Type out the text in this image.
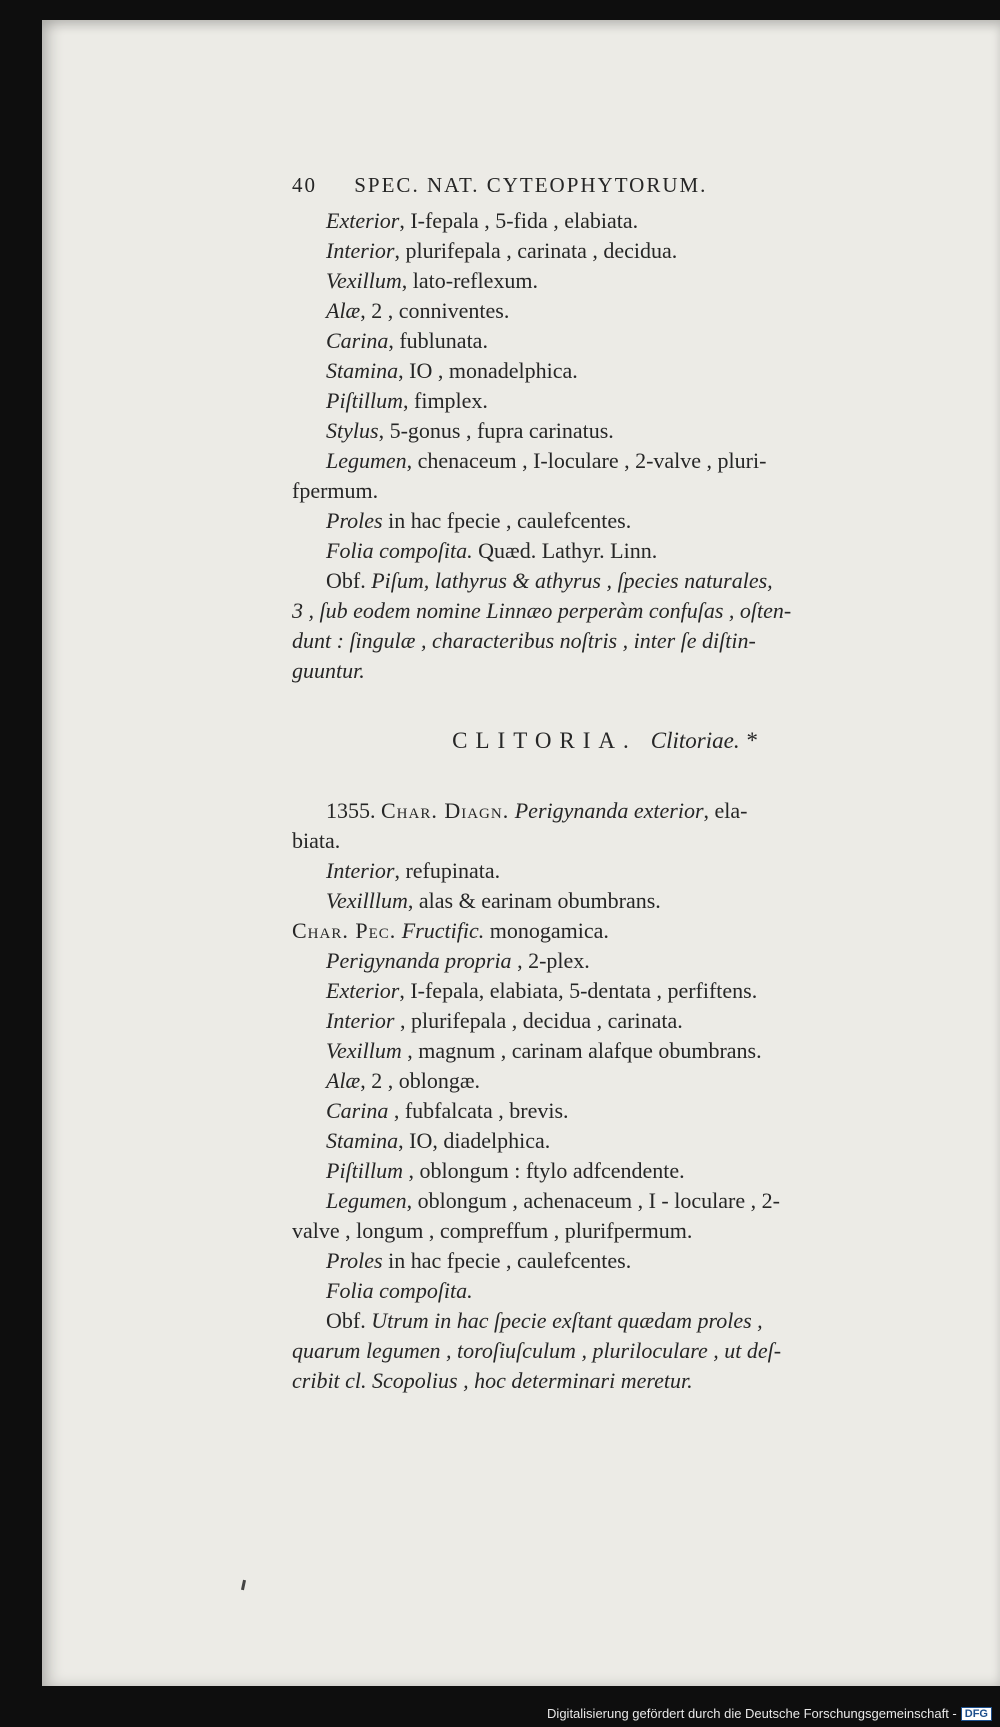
40 SPEC. NAT. CYTEOPHYTORUM.
Exterior, I-fepala , 5-fida , elabiata.
Interior, plurifepala , carinata , decidua.
Vexillum, lato-reflexum.
Alæ, 2 , conniventes.
Carina, fublunata.
Stamina, IO , monadelphica.
Piſtillum, fimplex.
Stylus, 5-gonus , fupra carinatus.
Legumen, chenaceum , I-loculare , 2-valve , pluri-
fpermum.
Proles in hac fpecie , caulefcentes.
Folia compoſita. Quæd. Lathyr. Linn.
Obf. Piſum, lathyrus & athyrus , ſpecies naturales,
3 , ſub eodem nomine Linnæo perperàm confuſas , oſten-
dunt : ſingulæ , characteribus noſtris , inter ſe diſtin-
guuntur.
CLITORIA. Clitoriae. *
1355. Char. Diagn. Perigynanda exterior, ela-
biata.
Interior, refupinata.
Vexilllum, alas & earinam obumbrans.
Char. Pec. Fructific. monogamica.
Perigynanda propria , 2-plex.
Exterior, I-fepala, elabiata, 5-dentata , perfiftens.
Interior , plurifepala , decidua , carinata.
Vexillum , magnum , carinam alafque obumbrans.
Alæ, 2 , oblongæ.
Carina , fubfalcata , brevis.
Stamina, IO, diadelphica.
Piſtillum , oblongum : ftylo adfcendente.
Legumen, oblongum , achenaceum , I - loculare , 2-
valve , longum , compreffum , plurifpermum.
Proles in hac fpecie , caulefcentes.
Folia compoſita.
Obf. Utrum in hac ſpecie exſtant quædam proles ,
quarum legumen , toroſiuſculum , pluriloculare , ut deſ-
cribit cl. Scopolius , hoc determinari meretur.
Digitalisierung gefördert durch die Deutsche Forschungsgemeinschaft - DFG
